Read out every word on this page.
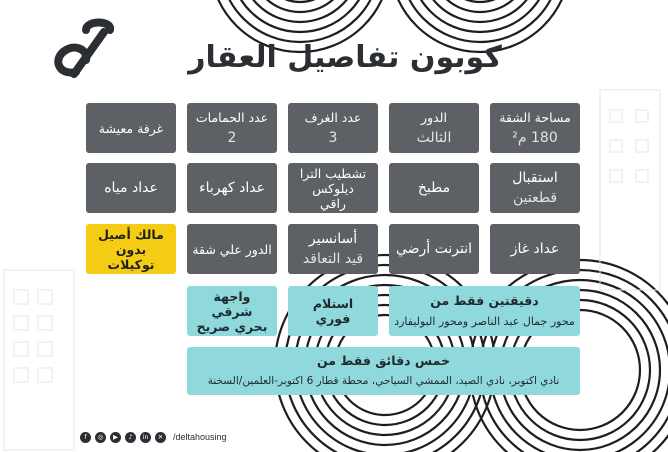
كوبون تفاصيل العقار
مساحة الشقة
180 م²
الدور
الثالث
عدد الغرف
3
عدد الحمامات
2
غرفة معيشة
استقبال
قطعتين
مطبخ
تشطيب الترا ديلوكس راقي
عداد كهرباء
عداد مياه
عداد غاز
انترنت أرضي
أسانسير
قيد التعاقد
الدور علي شقة
مالك أصيل بدون توكيلات
دقيقتين فقط من
محور جمال عبد الناصر ومحور البوليفارد
استلام فوري
واجهة شرقي بحري صريح
خمس دقائق فقط من
نادي اكتوبر، نادي الصيد، الممشي السياحي، محطة قطار 6 اكتوبر-العلمين/السخنة
f	◎	▶	♪	in	✕	/deltahousing
